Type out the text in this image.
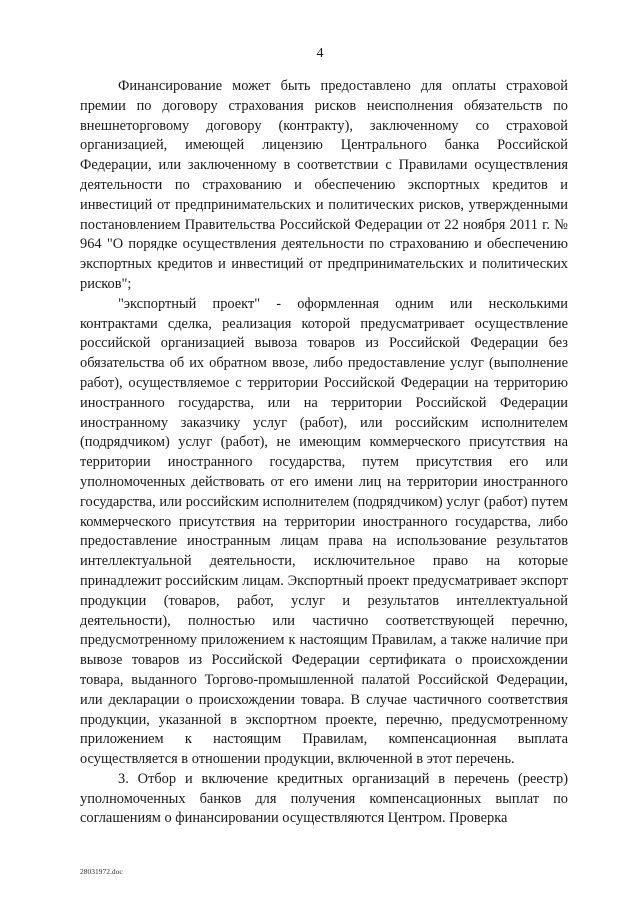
4

Финансирование может быть предоставлено для оплаты страховой премии по договору страхования рисков неисполнения обязательств по внешнеторговому договору (контракту), заключенному со страховой организацией, имеющей лицензию Центрального банка Российской Федерации, или заключенному в соответствии с Правилами осуществления деятельности по страхованию и обеспечению экспортных кредитов и инвестиций от предпринимательских и политических рисков, утвержденными постановлением Правительства Российской Федерации от 22 ноября 2011 г. № 964 "О порядке осуществления деятельности по страхованию и обеспечению экспортных кредитов и инвестиций от предпринимательских и политических рисков";

"экспортный проект" - оформленная одним или несколькими контрактами сделка, реализация которой предусматривает осуществление российской организацией вывоза товаров из Российской Федерации без обязательства об их обратном ввозе, либо предоставление услуг (выполнение работ), осуществляемое с территории Российской Федерации на территорию иностранного государства, или на территории Российской Федерации иностранному заказчику услуг (работ), или российским исполнителем (подрядчиком) услуг (работ), не имеющим коммерческого присутствия на территории иностранного государства, путем присутствия его или уполномоченных действовать от его имени лиц на территории иностранного государства, или российским исполнителем (подрядчиком) услуг (работ) путем коммерческого присутствия на территории иностранного государства, либо предоставление иностранным лицам права на использование результатов интеллектуальной деятельности, исключительное право на которые принадлежит российским лицам. Экспортный проект предусматривает экспорт продукции (товаров, работ, услуг и результатов интеллектуальной деятельности), полностью или частично соответствующей перечню, предусмотренному приложением к настоящим Правилам, а также наличие при вывозе товаров из Российской Федерации сертификата о происхождении товара, выданного Торгово-промышленной палатой Российской Федерации, или декларации о происхождении товара. В случае частичного соответствия продукции, указанной в экспортном проекте, перечню, предусмотренному приложением к настоящим Правилам, компенсационная выплата осуществляется в отношении продукции, включенной в этот перечень.

3. Отбор и включение кредитных организаций в перечень (реестр) уполномоченных банков для получения компенсационных выплат по соглашениям о финансировании осуществляются Центром. Проверка

28031972.doc
